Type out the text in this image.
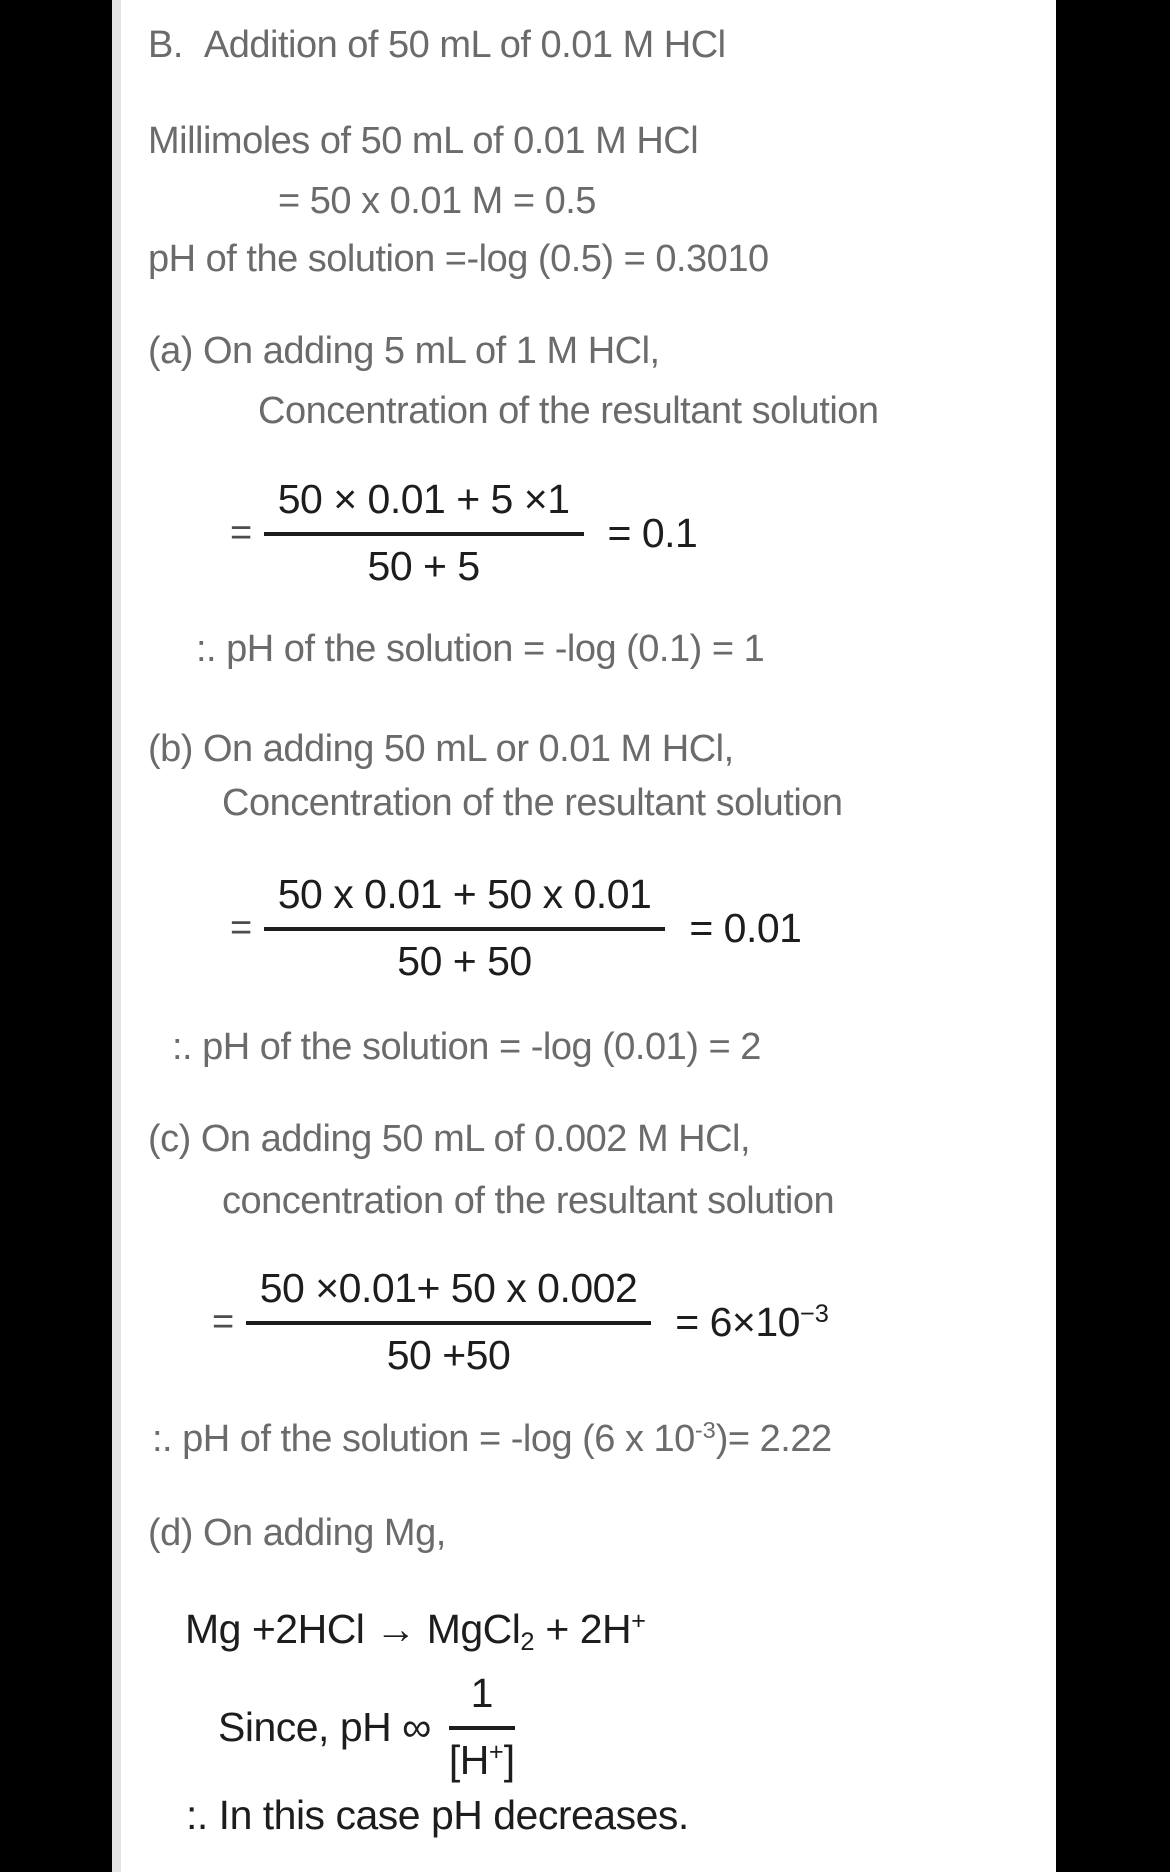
B. Addition of 50 mL of 0.01 M HCl
Millimoles of 50 mL of 0.01 M HCl
= 50 x 0.01 M = 0.5
pH of the solution =-log (0.5) = 0.3010
(a) On adding 5 mL of 1 M HCl,
Concentration of the resultant solution
= $\frac{50 \times 0.01 + 5 \times 1}{50 + 5} = 0.1$
:. pH of the solution = -log (0.1) = 1
(b) On adding 50 mL or 0.01 M HCl,
Concentration of the resultant solution
= $\frac{50 x 0.01 + 50 x 0.01}{50 + 50} = 0.01$
:. pH of the solution = -log (0.01) = 2
(c) On adding 50 mL of 0.002 M HCl,
concentration of the resultant solution
= $\frac{50 \times 0.01+ 50 x 0.002}{50 +50} = 6\times 10^{-3}$
:. pH of the solution = -log (6 x $10^{-3})= 2.22$
(d) On adding Mg,
Mg +2HCl → MgCl2 + 2H+
Since, pH ∞ $\frac{1}{[H^+]}$
:. In this case pH decreases.
